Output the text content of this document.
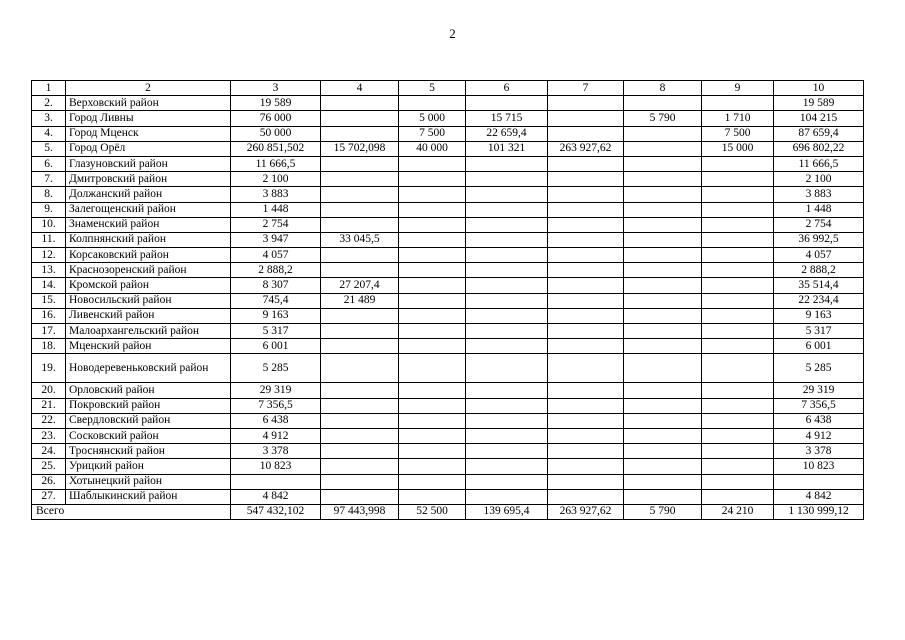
2
1	2	3	4	5	6	7	8	9	10
2.	Верховский район	19 589							19 589
3.	Город Ливны	76 000		5 000	15 715		5 790	1 710	104 215
4.	Город Мценск	50 000		7 500	22 659,4			7 500	87 659,4
5.	Город Орёл	260 851,502	15 702,098	40 000	101 321	263 927,62		15 000	696 802,22
6.	Глазуновский район	11 666,5							11 666,5
7.	Дмитровский район	2 100							2 100
8.	Должанский район	3 883							3 883
9.	Залегощенский район	1 448							1 448
10.	Знаменский район	2 754							2 754
11.	Колпнянский район	3 947	33 045,5						36 992,5
12.	Корсаковский район	4 057							4 057
13.	Краснозоренский район	2 888,2							2 888,2
14.	Кромской район	8 307	27 207,4						35 514,4
15.	Новосильский район	745,4	21 489						22 234,4
16.	Ливенский район	9 163							9 163
17.	Малоархангельский район	5 317							5 317
18.	Мценский район	6 001							6 001
19.	Новодеревеньковский район	5 285							5 285
20.	Орловский район	29 319							29 319
21.	Покровский район	7 356,5							7 356,5
22.	Свердловский район	6 438							6 438
23.	Сосковский район	4 912							4 912
24.	Троснянский район	3 378							3 378
25.	Урицкий район	10 823							10 823
26.	Хотынецкий район								
27.	Шаблыкинский район	4 842							4 842
Всего		547 432,102	97 443,998	52 500	139 695,4	263 927,62	5 790	24 210	1 130 999,12
